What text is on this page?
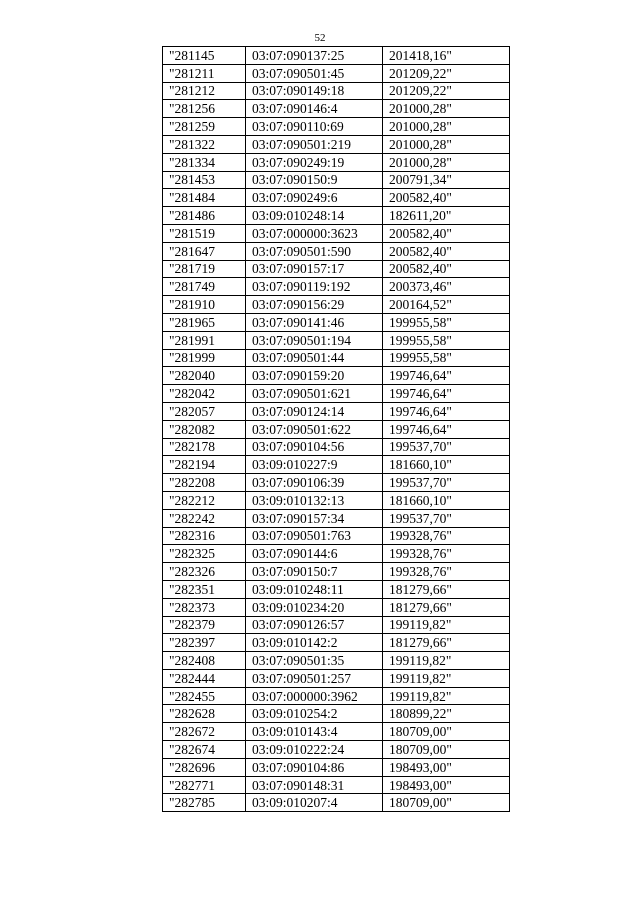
52
"281145	03:07:090137:25	201418,16"
"281211	03:07:090501:45	201209,22"
"281212	03:07:090149:18	201209,22"
"281256	03:07:090146:4	201000,28"
"281259	03:07:090110:69	201000,28"
"281322	03:07:090501:219	201000,28"
"281334	03:07:090249:19	201000,28"
"281453	03:07:090150:9	200791,34"
"281484	03:07:090249:6	200582,40"
"281486	03:09:010248:14	182611,20"
"281519	03:07:000000:3623	200582,40"
"281647	03:07:090501:590	200582,40"
"281719	03:07:090157:17	200582,40"
"281749	03:07:090119:192	200373,46"
"281910	03:07:090156:29	200164,52"
"281965	03:07:090141:46	199955,58"
"281991	03:07:090501:194	199955,58"
"281999	03:07:090501:44	199955,58"
"282040	03:07:090159:20	199746,64"
"282042	03:07:090501:621	199746,64"
"282057	03:07:090124:14	199746,64"
"282082	03:07:090501:622	199746,64"
"282178	03:07:090104:56	199537,70"
"282194	03:09:010227:9	181660,10"
"282208	03:07:090106:39	199537,70"
"282212	03:09:010132:13	181660,10"
"282242	03:07:090157:34	199537,70"
"282316	03:07:090501:763	199328,76"
"282325	03:07:090144:6	199328,76"
"282326	03:07:090150:7	199328,76"
"282351	03:09:010248:11	181279,66"
"282373	03:09:010234:20	181279,66"
"282379	03:07:090126:57	199119,82"
"282397	03:09:010142:2	181279,66"
"282408	03:07:090501:35	199119,82"
"282444	03:07:090501:257	199119,82"
"282455	03:07:000000:3962	199119,82"
"282628	03:09:010254:2	180899,22"
"282672	03:09:010143:4	180709,00"
"282674	03:09:010222:24	180709,00"
"282696	03:07:090104:86	198493,00"
"282771	03:07:090148:31	198493,00"
"282785	03:09:010207:4	180709,00"
